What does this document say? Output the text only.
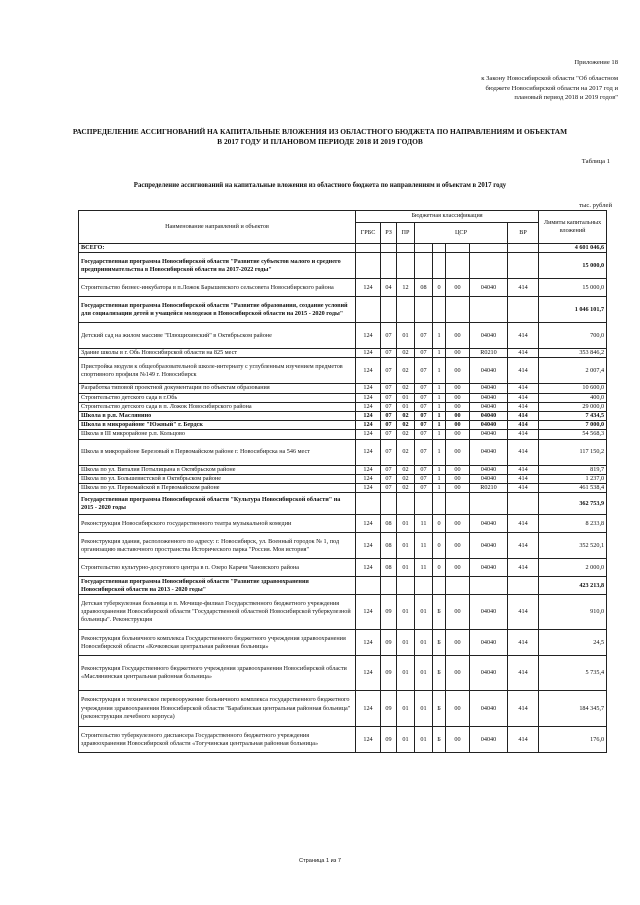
Приложение 18
к Закону Новосибирской области "Об областном
бюджете Новосибирской области на 2017 год и
плановый период 2018 и 2019 годов"
РАСПРЕДЕЛЕНИЕ АССИГНОВАНИЙ НА КАПИТАЛЬНЫЕ ВЛОЖЕНИЯ ИЗ ОБЛАСТНОГО БЮДЖЕТА ПО НАПРАВЛЕНИЯМ И ОБЪЕКТАМ В 2017 ГОДУ И ПЛАНОВОМ ПЕРИОДЕ 2018 И 2019 ГОДОВ
Таблица 1
Распределение ассигнований на капитальные вложения из областного бюджета по направлениям и объектам в 2017 году
тыс. рублей
Наименование направлений и объектов	Бюджетная классификация								Лимиты капитальных вложений
	ГРБС	РЗ	ПР	ЦСР				ВР	
ВСЕГО:									4 601 046,6
Государственная программа Новосибирской области "Развитие субъектов малого и среднего предпринимательства в Новосибирской области на 2017-2022 годы"									15 000,0
Строительство бизнес-инкубатора в п.Ложок Барышевского сельсовета Новосибирского района	124	04	12	08	0	00	04040	414	15 000,0
Государственная программа Новосибирской области "Развитие образования, создание условий для социализации детей и учащейся молодежи в Новосибирской области на 2015 - 2020 годы"									1 046 101,7
Детский сад на жилом массиве "Плющихинский" в Октябрьском районе	124	07	01	07	1	00	04040	414	700,0
Здание школы в г. Обь Новосибирской области на 825 мест	124	07	02	07	1	00	R0210	414	353 846,2
Пристройка модуля к общеобразовательной школе-интернату с углубленным изучением предметов спортивного профиля №149 г. Новосибирск	124	07	02	07	1	00	04040	414	2 007,4
Разработка типовой проектной документации по объектам образования	124	07	02	07	1	00	04040	414	10 600,0
Строительство детского сада в г.Обь	124	07	01	07	1	00	04040	414	400,0
Строительство детского сада в п. Ложок Новосибирского района	124	07	01	07	1	00	04040	414	29 000,0
Школа в р.п. Маслянино	124	07	02	07	1	00	04040	414	7 434,5
Школа в микрорайоне "Южный" г. Бердск	124	07	02	07	1	00	04040	414	7 000,0
Школа в III микрорайоне р.п. Кольцово	124	07	02	07	1	00	04040	414	54 568,3
Школа в микрорайоне Березовый в Первомайском районе г. Новосибирска на 546 мест	124	07	02	07	1	00	04040	414	117 150,2
Школа по ул. Виталия Потылицына в Октябрьском районе	124	07	02	07	1	00	04040	414	819,7
Школа по ул. Большевистской в Октябрьском районе	124	07	02	07	1	00	04040	414	1 237,0
Школа по ул. Первомайской в Первомайском районе	124	07	02	07	1	00	R0210	414	461 538,4
Государственная программа Новосибирской области "Культура Новосибирской области" на 2015 - 2020 годы									362 753,9
Реконструкция Новосибирского государственного театра музыкальной комедии	124	08	01	11	0	00	04040	414	8 233,8
Реконструкция здания, расположенного по адресу: г. Новосибирск, ул. Военный городок № 1, под организацию выставочного пространства Исторического парка "Россия. Моя история"	124	08	01	11	0	00	04040	414	352 520,1
Строительство культурно-досугового центра в п. Озеро Карачи Чановского района	124	08	01	11	0	00	04040	414	2 000,0
Государственная программа Новосибирской области "Развитие здравоохранения Новосибирской области на 2013 - 2020 годы"									423 213,8
Детская туберкулезная больница в п. Мочище-филиал Государственного бюджетного учреждения здравоохранения Новосибирской области "Государственной областной Новосибирской туберкулезной больницы". Реконструкция	124	09	01	01	Б	00	04040	414	910,0
Реконструкция больничного комплекса Государственного бюджетного учреждения здравоохранения Новосибирской области «Кочковская центральная районная больница»	124	09	01	01	Б	00	04040	414	24,5
Реконструкция Государственного бюджетного учреждения здравоохранения Новосибирской области «Маслянинская центральная районная больница»	124	09	01	01	Б	00	04040	414	5 735,4
Реконструкция и техническое перевооружение больничного комплекса государственного бюджетного учреждения здравоохранения Новосибирской области "Барабинская центральная районная больница" (реконструкция лечебного корпуса)	124	09	01	01	Б	00	04040	414	184 345,7
Строительство туберкулезного диспансера Государственного бюджетного учреждения здравоохранения Новосибирской области «Тогучинская центральная районная больница»	124	09	01	01	Б	00	04040	414	176,0
Страница 1 из 7
